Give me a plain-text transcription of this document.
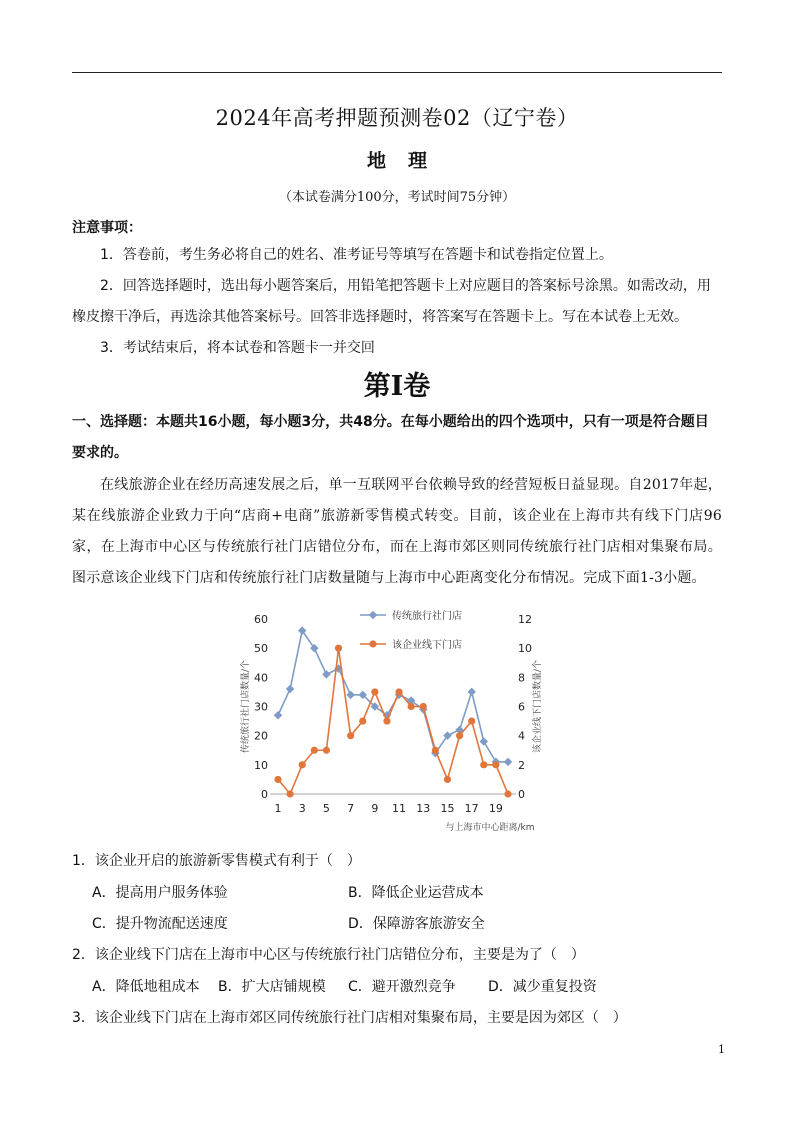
2024年高考押题预测卷02（辽宁卷）
地理
（本试卷满分100分，考试时间75分钟）
注意事项：
1．答卷前，考生务必将自己的姓名、准考证号等填写在答题卡和试卷指定位置上。
2．回答选择题时，选出每小题答案后，用铅笔把答题卡上对应题目的答案标号涂黑。如需改动，用橡皮擦干净后，再选涂其他答案标号。回答非选择题时，将答案写在答题卡上。写在本试卷上无效。
3．考试结束后，将本试卷和答题卡一并交回
第I卷
一、选择题：本题共16小题，每小题3分，共48分。在每小题给出的四个选项中，只有一项是符合题目要求的。
在线旅游企业在经历高速发展之后，单一互联网平台依赖导致的经营短板日益显现。自2017年起，某在线旅游企业致力于向“店商+电商”旅游新零售模式转变。目前，该企业在上海市共有线下门店96家，在上海市中心区与传统旅行社门店错位分布，而在上海市郊区则同传统旅行社门店相对集聚布局。图示意该企业线下门店和传统旅行社门店数量随与上海市中心距离变化分布情况。完成下面1-3小题。
0
10
20
30
40
50
60
0
2
4
6
8
10
12
1 3 5 7 9 11 13 15 17 19
传统旅行社门店数量/个	该企业线下门店数量/个
与上海市中心距离/km
传统旅行社门店
该企业线下门店
1．该企业开启的旅游新零售模式有利于（　）
A．提高用户服务体验	B．降低企业运营成本
C．提升物流配送速度	D．保障游客旅游安全
2．该企业线下门店在上海市中心区与传统旅行社门店错位分布，主要是为了（　）
A．降低地租成本 B．扩大店铺规模 C．避开激烈竞争 D．减少重复投资
3．该企业线下门店在上海市郊区同传统旅行社门店相对集聚布局，主要是因为郊区（　）
1
